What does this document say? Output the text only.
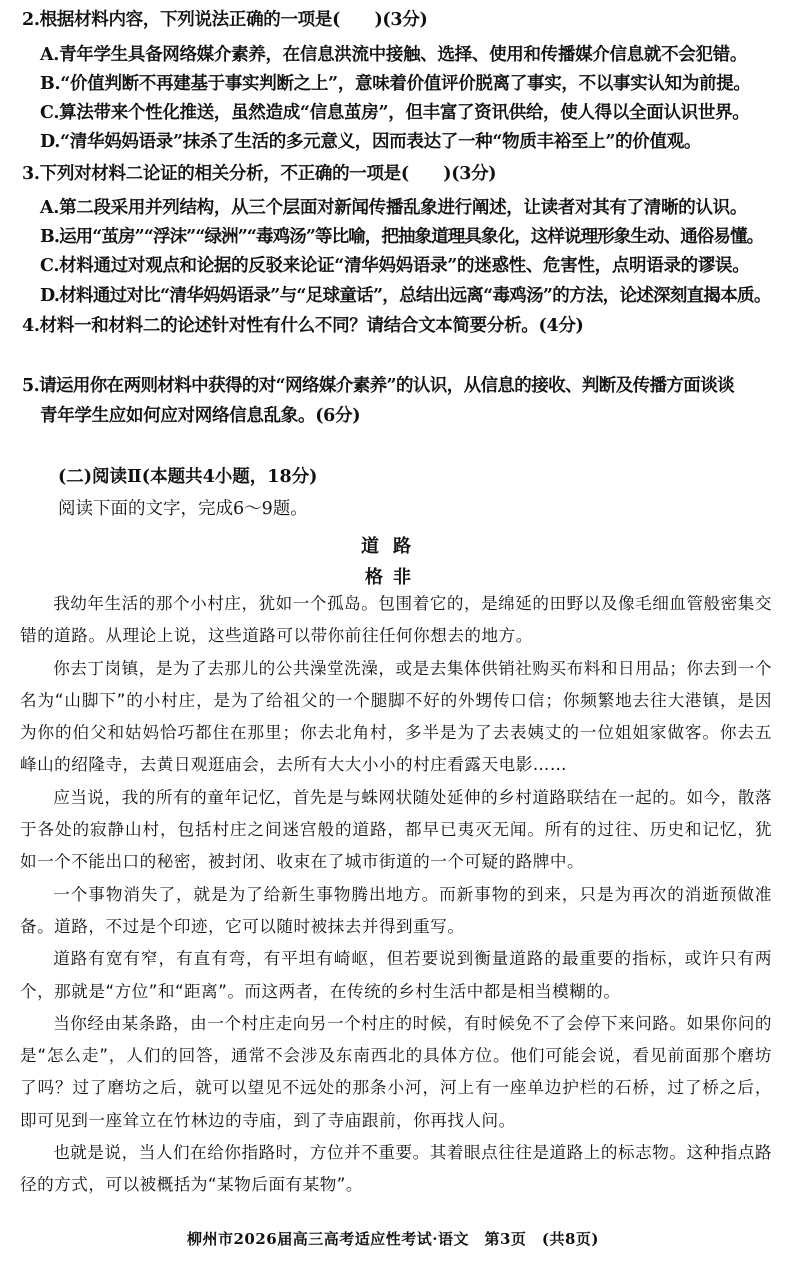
2.根据材料内容，下列说法正确的一项是(　　)(3分)
A.青年学生具备网络媒介素养，在信息洪流中接触、选择、使用和传播媒介信息就不会犯错。
B.“价值判断不再建基于事实判断之上”，意味着价值评价脱离了事实，不以事实认知为前提。
C.算法带来个性化推送，虽然造成“信息茧房”，但丰富了资讯供给，使人得以全面认识世界。
D.“清华妈妈语录”抹杀了生活的多元意义，因而表达了一种“物质丰裕至上”的价值观。
3.下列对材料二论证的相关分析，不正确的一项是(　　)(3分)
A.第二段采用并列结构，从三个层面对新闻传播乱象进行阐述，让读者对其有了清晰的认识。
B.运用“茧房”“浮沫”“绿洲”“毒鸡汤”等比喻，把抽象道理具象化，这样说理形象生动、通俗易懂。
C.材料通过对观点和论据的反驳来论证“清华妈妈语录”的迷惑性、危害性，点明语录的谬误。
D.材料通过对比“清华妈妈语录”与“足球童话”，总结出远离“毒鸡汤”的方法，论述深刻直揭本质。
4.材料一和材料二的论述针对性有什么不同？请结合文本简要分析。(4分)
5.请运用你在两则材料中获得的对“网络媒介素养”的认识，从信息的接收、判断及传播方面谈谈
青年学生应如何应对网络信息乱象。(6分)
(二)阅读Ⅱ(本题共4小题，18分)
阅读下面的文字，完成6～9题。
道路
格非

我幼年生活的那个小村庄，犹如一个孤岛。包围着它的，是绵延的田野以及像毛细血管般密集交错的道路。从理论上说，这些道路可以带你前往任何你想去的地方。

你去丁岗镇，是为了去那儿的公共澡堂洗澡，或是去集体供销社购买布料和日用品；你去到一个名为“山脚下”的小村庄，是为了给祖父的一个腿脚不好的外甥传口信；你频繁地去往大港镇，是因为你的伯父和姑妈恰巧都住在那里；你去北角村，多半是为了去表姨丈的一位姐姐家做客。你去五峰山的绍隆寺，去黄日观逛庙会，去所有大大小小的村庄看露天电影……

应当说，我的所有的童年记忆，首先是与蛛网状随处延伸的乡村道路联结在一起的。如今，散落于各处的寂静山村，包括村庄之间迷宫般的道路，都早已夷灭无闻。所有的过往、历史和记忆，犹如一个不能出口的秘密，被封闭、收束在了城市街道的一个可疑的路牌中。

一个事物消失了，就是为了给新生事物腾出地方。而新事物的到来，只是为再次的消逝预做准备。道路，不过是个印迹，它可以随时被抹去并得到重写。

道路有宽有窄，有直有弯，有平坦有崎岖，但若要说到衡量道路的最重要的指标，或许只有两个，那就是“方位”和“距离”。而这两者，在传统的乡村生活中都是相当模糊的。

当你经由某条路，由一个村庄走向另一个村庄的时候，有时候免不了会停下来问路。如果你问的是“怎么走”，人们的回答，通常不会涉及东南西北的具体方位。他们可能会说，看见前面那个磨坊了吗？过了磨坊之后，就可以望见不远处的那条小河，河上有一座单边护栏的石桥，过了桥之后，即可见到一座耸立在竹林边的寺庙，到了寺庙跟前，你再找人问。

也就是说，当人们在给你指路时，方位并不重要。其着眼点往往是道路上的标志物。这种指点路径的方式，可以被概括为“某物后面有某物”。

柳州市2026届高三高考适应性考试·语文　第3页　(共8页)
